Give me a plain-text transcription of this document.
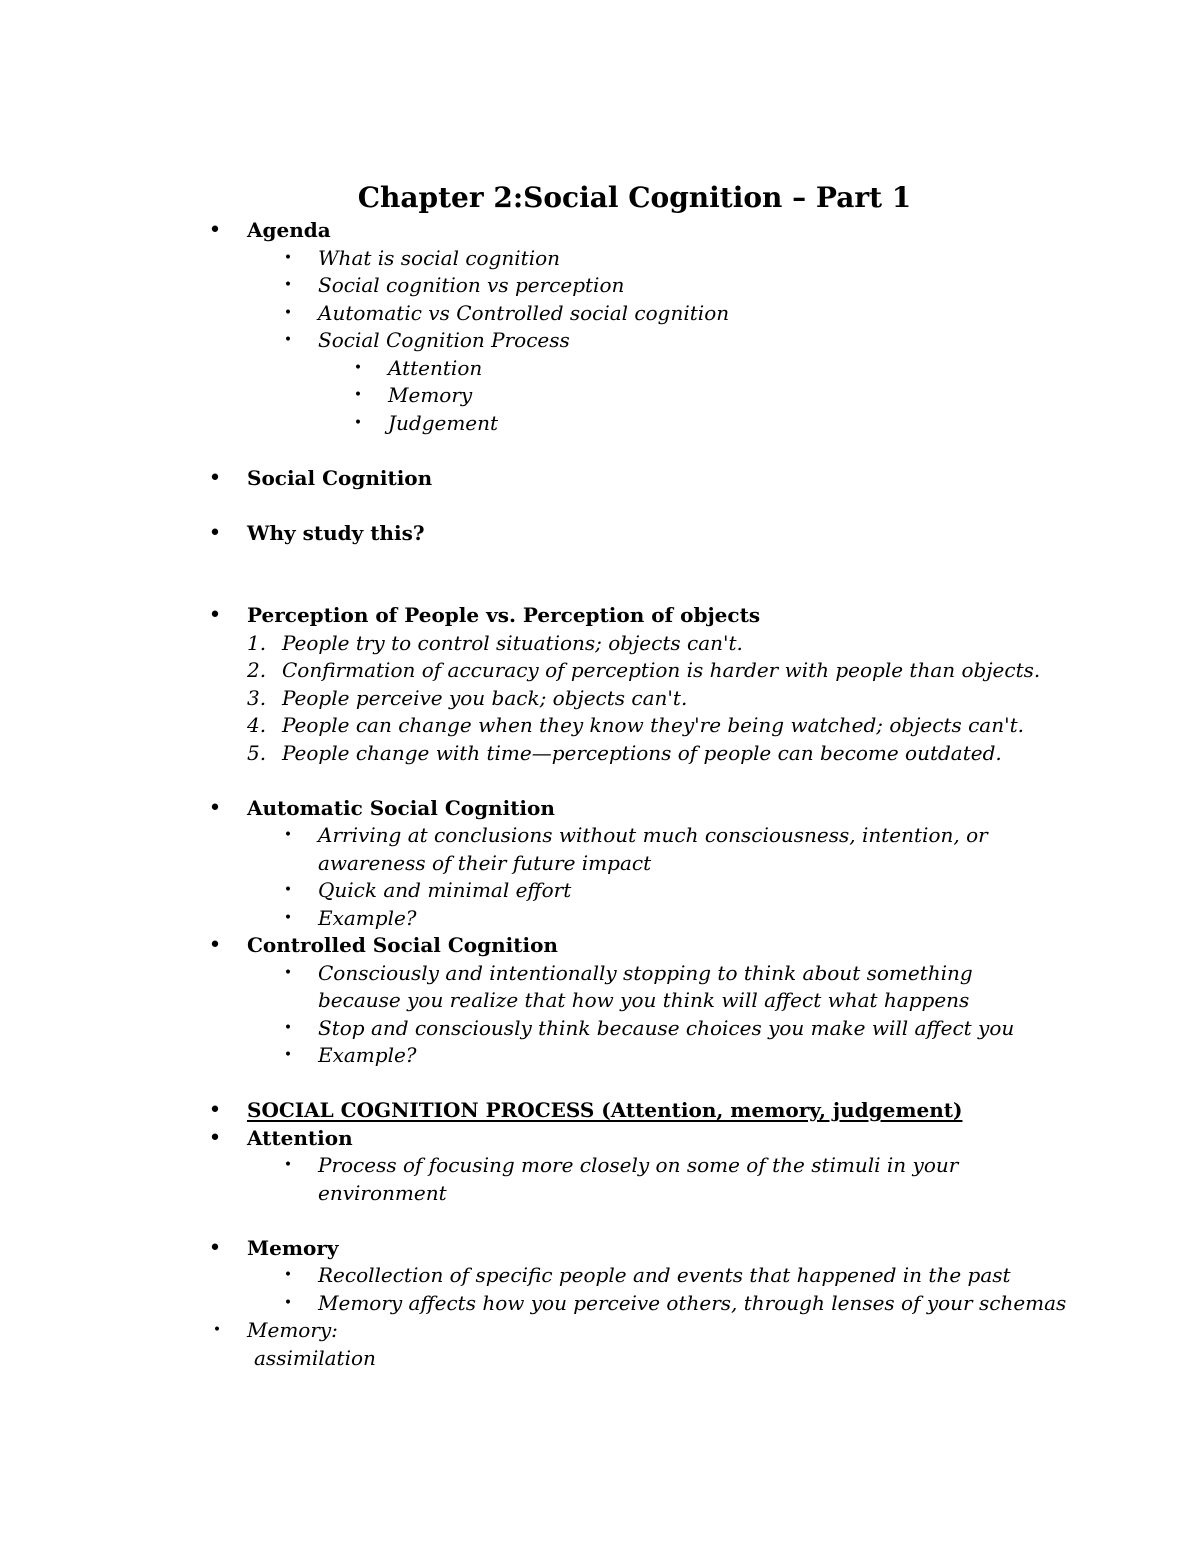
Chapter 2:Social Cognition – Part 1
• Agenda
• What is social cognition
• Social cognition vs perception
• Automatic vs Controlled social cognition
• Social Cognition Process
• Attention
• Memory
• Judgement
• Social Cognition
• Why study this?
• Perception of People vs. Perception of objects
1. People try to control situations; objects can't.
2. Confirmation of accuracy of perception is harder with people than objects.
3. People perceive you back; objects can't.
4. People can change when they know they're being watched; objects can't.
5. People change with time—perceptions of people can become outdated.
• Automatic Social Cognition
• Arriving at conclusions without much consciousness, intention, or
awareness of their future impact
• Quick and minimal effort
• Example?
• Controlled Social Cognition
• Consciously and intentionally stopping to think about something
because you realize that how you think will affect what happens
• Stop and consciously think because choices you make will affect you
• Example?
• SOCIAL COGNITION PROCESS (Attention, memory, judgement)
• Attention
• Process of focusing more closely on some of the stimuli in your
environment
• Memory
• Recollection of specific people and events that happened in the past
• Memory affects how you perceive others, through lenses of your schemas
• Memory:
assimilation
